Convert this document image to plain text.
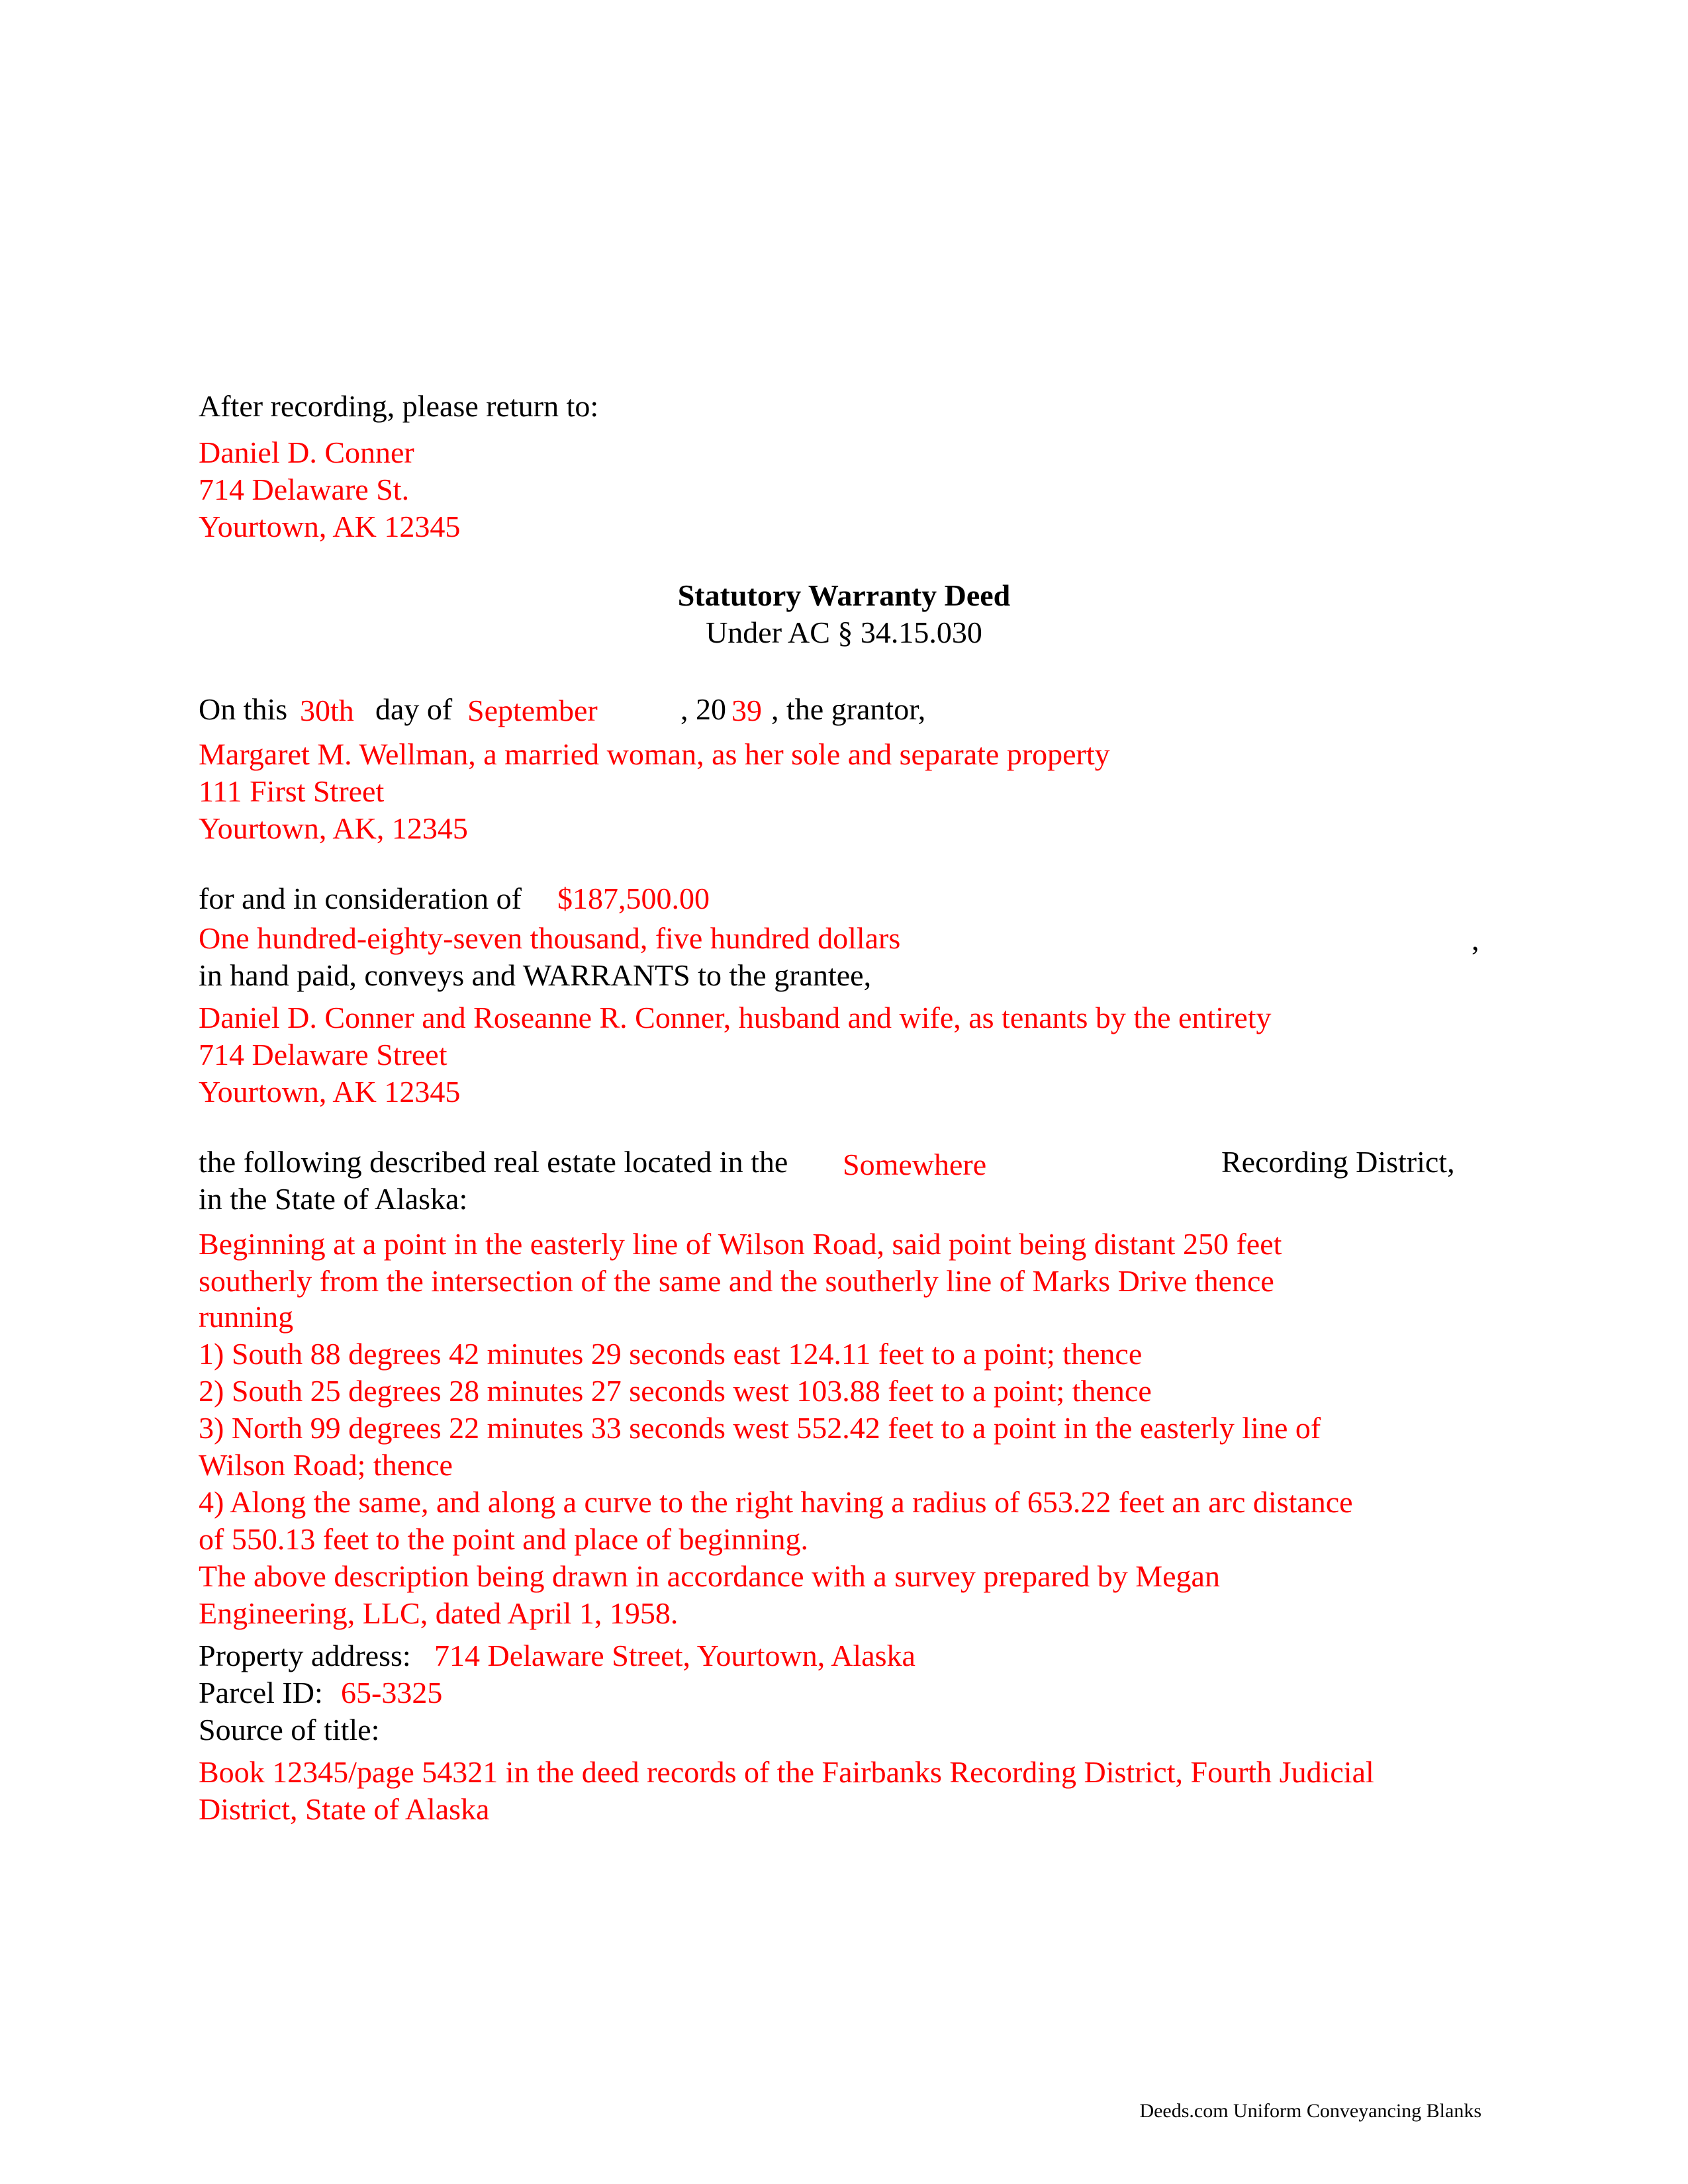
After recording, please return to:
Daniel D. Conner
714 Delaware St.
Yourtown, AK 12345
Statutory Warranty Deed
Under AC § 34.15.030
On this 30th day of September	, 20 39 , the grantor,
Margaret M. Wellman, a married woman, as her sole and separate property
111 First Street
Yourtown, AK, 12345
for and in consideration of $187,500.00
One hundred-eighty-seven thousand, five hundred dollars	,
in hand paid, conveys and WARRANTS to the grantee,
Daniel D. Conner and Roseanne R. Conner, husband and wife, as tenants by the entirety
714 Delaware Street
Yourtown, AK 12345
the following described real estate located in the Somewhere	Recording District,
in the State of Alaska:
Beginning at a point in the easterly line of Wilson Road, said point being distant 250 feet
southerly from the intersection of the same and the southerly line of Marks Drive thence
running
1) South 88 degrees 42 minutes 29 seconds east 124.11 feet to a point; thence
2) South 25 degrees 28 minutes 27 seconds west 103.88 feet to a point; thence
3) North 99 degrees 22 minutes 33 seconds west 552.42 feet to a point in the easterly line of
Wilson Road; thence
4) Along the same, and along a curve to the right having a radius of 653.22 feet an arc distance
of 550.13 feet to the point and place of beginning.
The above description being drawn in accordance with a survey prepared by Megan
Engineering, LLC, dated April 1, 1958.
Property address: 714 Delaware Street, Yourtown, Alaska
Parcel ID: 65-3325
Source of title:
Book 12345/page 54321 in the deed records of the Fairbanks Recording District, Fourth Judicial
District, State of Alaska
Deeds.com Uniform Conveyancing Blanks
